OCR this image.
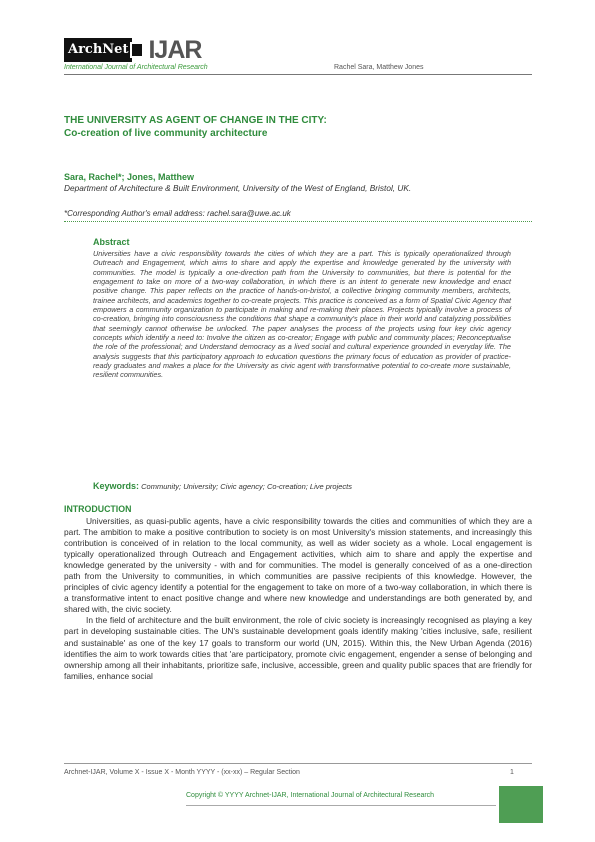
ArchNet IJAR
International Journal of Architectural Research	Rachel Sara, Matthew Jones
THE UNIVERSITY AS AGENT OF CHANGE IN THE CITY:
Co-creation of live community architecture
Sara, Rachel*; Jones, Matthew
Department of Architecture & Built Environment, University of the West of England, Bristol, UK.
*Corresponding Author's email address: rachel.sara@uwe.ac.uk
Abstract
Universities have a civic responsibility towards the cities of which they are a part. This is typically operationalized through Outreach and Engagement, which aims to share and apply the expertise and knowledge generated by the university with communities. The model is typically a one-direction path from the University to communities, but there is potential for the engagement to take on more of a two-way collaboration, in which there is an intent to generate new knowledge and enact positive change. This paper reflects on the practice of hands-on-bristol, a collective bringing community members, architects, trainee architects, and academics together to co-create projects. This practice is conceived as a form of Spatial Civic Agency that empowers a community organization to participate in making and re-making their places. Projects typically involve a process of co-creation, bringing into consciousness the conditions that shape a community's place in their world and catalyzing possibilities that seemingly cannot otherwise be unlocked. The paper analyses the process of the projects using four key civic agency concepts which identify a need to: Involve the citizen as co-creator; Engage with public and community places; Reconceptualise the role of the professional; and Understand democracy as a lived social and cultural experience grounded in everyday life. The analysis suggests that this participatory approach to education questions the primary focus of education as provider of practice-ready graduates and makes a place for the University as civic agent with transformative potential to co-create more sustainable, resilient communities.
Keywords: Community; University; Civic agency; Co-creation; Live projects
INTRODUCTION

Universities, as quasi-public agents, have a civic responsibility towards the cities and communities of which they are a part. The ambition to make a positive contribution to society is on most University's mission statements, and increasingly this contribution is conceived of in relation to the local community, as well as wider society as a whole. Local engagement is typically operationalized through Outreach and Engagement activities, which aim to share and apply the expertise and knowledge generated by the university - with and for communities. The model is generally conceived of as a one-direction path from the University to communities, in which communities are passive recipients of this knowledge. However, the principles of civic agency identify a potential for the engagement to take on more of a two-way collaboration, in which there is a transformative intent to enact positive change and where new knowledge and understandings are both generated by, and shared with, the civic society.

In the field of architecture and the built environment, the role of civic society is increasingly recognised as playing a key part in developing sustainable cities. The UN's sustainable development goals identify making 'cities inclusive, safe, resilient and sustainable' as one of the key 17 goals to transform our world (UN, 2015). Within this, the New Urban Agenda (2016) identifies the aim to work towards cities that 'are participatory, promote civic engagement, engender a sense of belonging and ownership among all their inhabitants, prioritize safe, inclusive, accessible, green and quality public spaces that are friendly for families, enhance social

Archnet-IJAR, Volume X - Issue X - Month YYYY - (xx-xx) – Regular Section	1
Copyright © YYYY Archnet-IJAR, International Journal of Architectural Research
